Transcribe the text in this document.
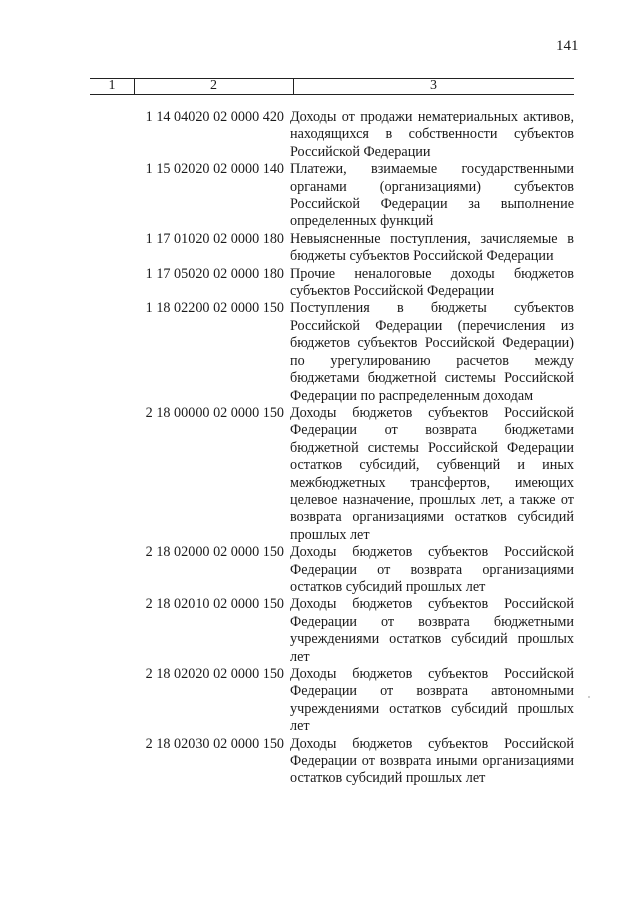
141
1	2	3
1 14 04020 02 0000 420 Доходы от продажи нематериальных активов, находящихся в собственности субъектов Российской Федерации
1 15 02020 02 0000 140 Платежи, взимаемые государственными органами (организациями) субъектов Российской Федерации за выполнение определенных функций
1 17 01020 02 0000 180 Невыясненные поступления, зачисляемые в бюджеты субъектов Российской Федерации
1 17 05020 02 0000 180 Прочие неналоговые доходы бюджетов субъектов Российской Федерации
1 18 02200 02 0000 150 Поступления в бюджеты субъектов Российской Федерации (перечисления из бюджетов субъектов Российской Федерации) по урегулированию расчетов между бюджетами бюджетной системы Российской Федерации по распределенным доходам
2 18 00000 02 0000 150 Доходы бюджетов субъектов Российской Федерации от возврата бюджетами бюджетной системы Российской Федерации остатков субсидий, субвенций и иных межбюджетных трансфертов, имеющих целевое назначение, прошлых лет, а также от возврата организациями остатков субсидий прошлых лет
2 18 02000 02 0000 150 Доходы бюджетов субъектов Российской Федерации от возврата организациями остатков субсидий прошлых лет
2 18 02010 02 0000 150 Доходы бюджетов субъектов Российской Федерации от возврата бюджетными учреждениями остатков субсидий прошлых лет
2 18 02020 02 0000 150 Доходы бюджетов субъектов Российской Федерации от возврата автономными учреждениями остатков субсидий прошлых лет
2 18 02030 02 0000 150 Доходы бюджетов субъектов Российской Федерации от возврата иными организациями остатков субсидий прошлых лет
